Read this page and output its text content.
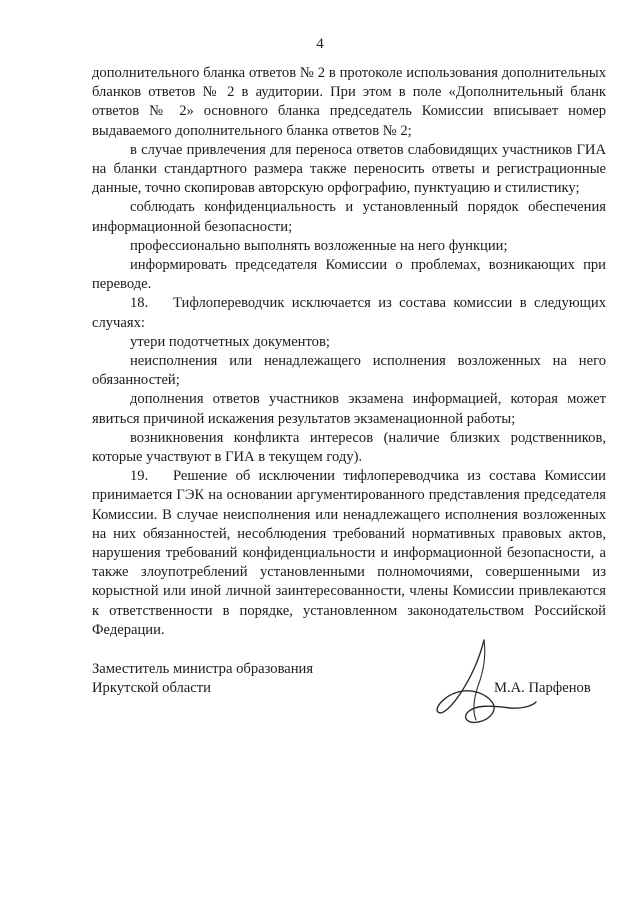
4

дополнительного бланка ответов № 2 в протоколе использования дополнительных бланков ответов № 2 в аудитории. При этом в поле «Дополнительный бланк ответов № 2» основного бланка председатель Комиссии вписывает номер выдаваемого дополнительного бланка ответов № 2;

в случае привлечения для переноса ответов слабовидящих участников ГИА на бланки стандартного размера также переносить ответы и регистрационные данные, точно скопировав авторскую орфографию, пунктуацию и стилистику;

соблюдать конфиденциальность и установленный порядок обеспечения информационной безопасности;

профессионально выполнять возложенные на него функции;

информировать председателя Комиссии о проблемах, возникающих при переводе.

18. Тифлопереводчик исключается из состава комиссии в следующих случаях:

утери подотчетных документов;

неисполнения или ненадлежащего исполнения возложенных на него обязанностей;

дополнения ответов участников экзамена информацией, которая может явиться причиной искажения результатов экзаменационной работы;

возникновения конфликта интересов (наличие близких родственников, которые участвуют в ГИА в текущем году).

19. Решение об исключении тифлопереводчика из состава Комиссии принимается ГЭК на основании аргументированного представления председателя Комиссии. В случае неисполнения или ненадлежащего исполнения возложенных на них обязанностей, несоблюдения требований нормативных правовых актов, нарушения требований конфиденциальности и информационной безопасности, а также злоупотреблений установленными полномочиями, совершенными из корыстной или иной личной заинтересованности, члены Комиссии привлекаются к ответственности в порядке, установленном законодательством Российской Федерации.

Заместитель министра образования
Иркутской области	М.А. Парфенов
